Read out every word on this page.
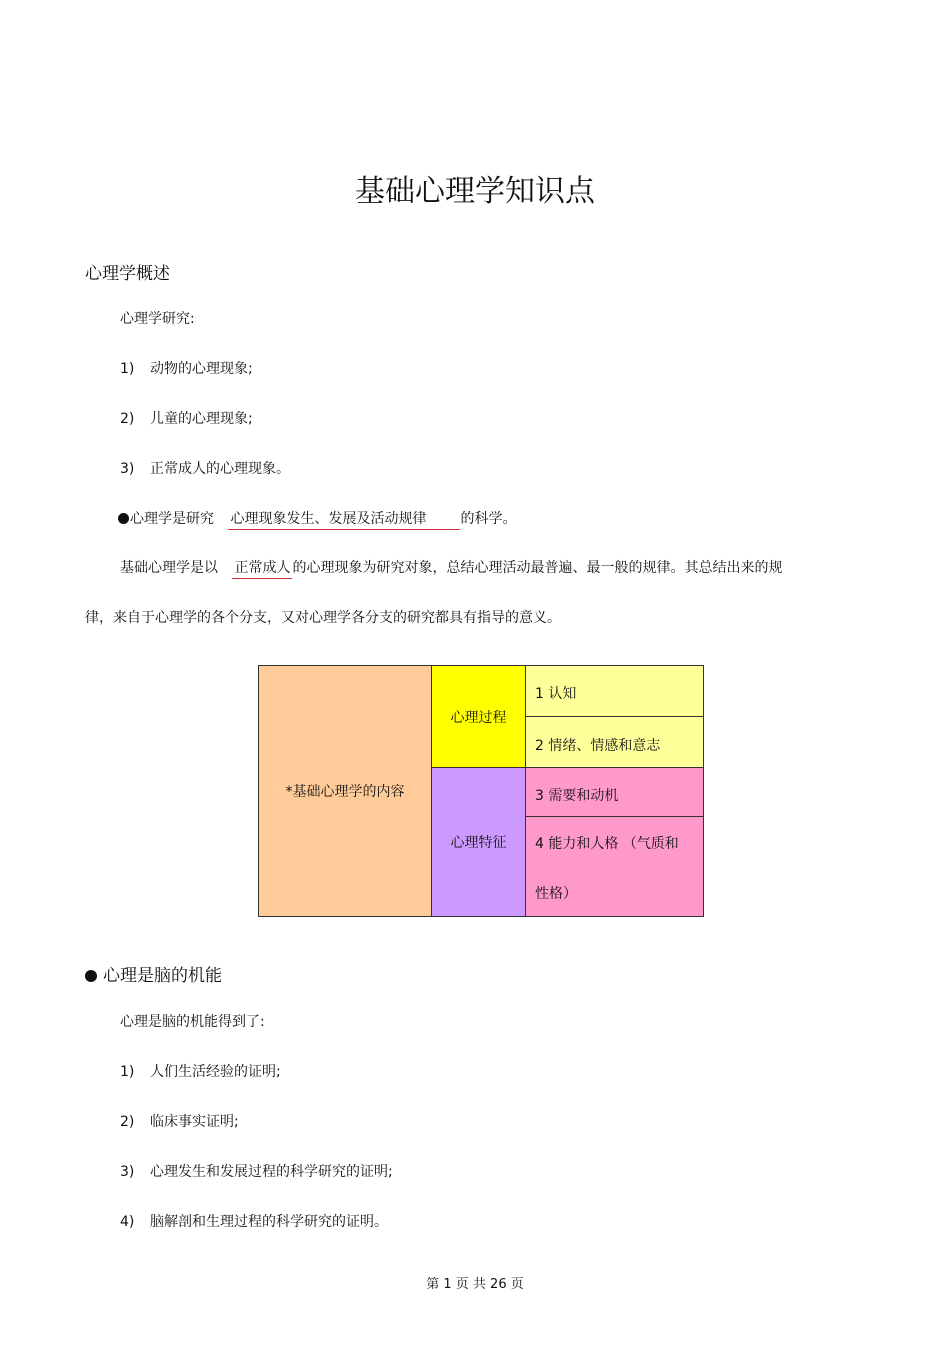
基础心理学知识点
心理学概述
心理学研究:
1) 动物的心理现象;
2) 儿童的心理现象;
3) 正常成人的心理现象。
心理学是研究 心理现象发生、发展及活动规律 的科学。
基础心理学是以 正常成人 的心理现象为研究对象，总结心理活动最普遍、最一般的规律。其总结出来的规
律，来自于心理学的各个分支，又对心理学各分支的研究都具有指导的意义。
*基础心理学的内容
心理过程
心理特征
1 认知
2 情绪、情感和意志
3 需要和动机
4 能力和人格 （气质和
性格）
心理是脑的机能
心理是脑的机能得到了:
1) 人们生活经验的证明;
2) 临床事实证明;
3) 心理发生和发展过程的科学研究的证明;
4) 脑解剖和生理过程的科学研究的证明。
第 1 页 共 26 页
